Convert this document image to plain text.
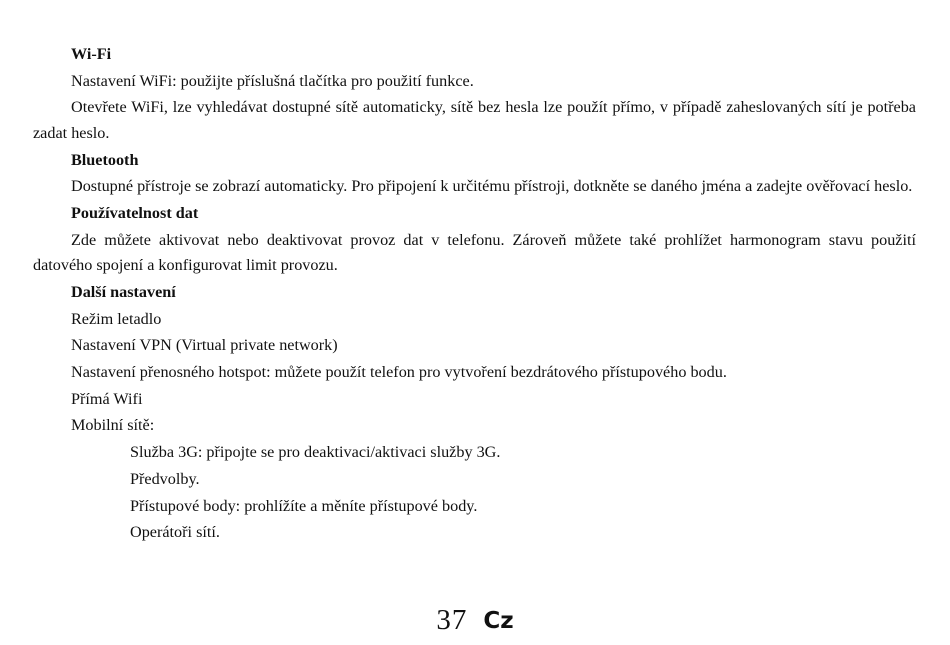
Wi-Fi
Nastavení WiFi: použijte příslušná tlačítka pro použití funkce.
Otevřete WiFi, lze vyhledávat dostupné sítě automaticky, sítě bez hesla lze použít přímo, v případě zaheslovaných sítí je potřeba zadat heslo.
Bluetooth
Dostupné přístroje se zobrazí automaticky. Pro připojení k určitému přístroji, dotkněte se daného jména a zadejte ověřovací heslo.
Používatelnost dat
Zde můžete aktivovat nebo deaktivovat provoz dat v telefonu. Zároveň můžete také prohlížet harmonogram stavu použití datového spojení a konfigurovat limit provozu.
Další nastavení
Režim letadlo
Nastavení VPN (Virtual private network)
Nastavení přenosného hotspot: můžete použít telefon pro vytvoření bezdrátového přístupového bodu.
Přímá Wifi
Mobilní sítě:
Služba 3G: připojte se pro deaktivaci/aktivaci služby 3G.
Předvolby.
Přístupové body: prohlížíte a měníte přístupové body.
Operátoři sítí.
37 Cz
